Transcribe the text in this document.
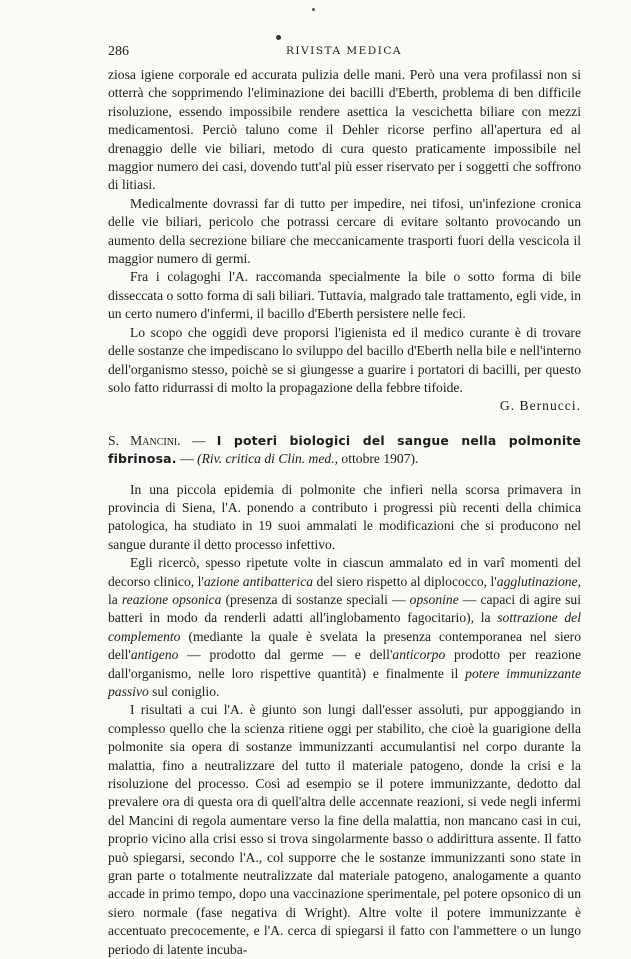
286	RIVISTA MEDICA

ziosa igiene corporale ed accurata pulizia delle mani. Però una vera profilassi non si otterrà che sopprimendo l'eliminazione dei bacilli d'Eberth, problema di ben difficile risoluzione, essendo impossibile rendere asettica la vescichetta biliare con mezzi medicamentosi. Perciò taluno come il Dehler ricorse perfino all'apertura ed al drenaggio delle vie biliari, metodo di cura questo praticamente impossibile nel maggior numero dei casi, dovendo tutt'al più esser riservato per i soggetti che soffrono di litiasi.

Medicalmente dovrassi far di tutto per impedire, nei tifosi, un'infezione cronica delle vie biliari, pericolo che potrassi cercare di evitare soltanto provocando un aumento della secrezione biliare che meccanicamente trasporti fuori della vescicola il maggior numero di germi.

Fra i colagoghi l'A. raccomanda specialmente la bile o sotto forma di bile disseccata o sotto forma di sali biliari. Tuttavia, malgrado tale trattamento, egli vide, in un certo numero d'infermi, il bacillo d'Eberth persistere nelle feci.

Lo scopo che oggidì deve proporsi l'igienista ed il medico curante è di trovare delle sostanze che impediscano lo sviluppo del bacillo d'Eberth nella bile e nell'interno dell'organismo stesso, poichè se si giungesse a guarire i portatori di bacilli, per questo solo fatto ridurrassi di molto la propagazione della febbre tifoide.

G. Bernucci.

S. Mancini. — I poteri biologici del sangue nella polmonite fibrinosa. — (Riv. critica di Clin. med., ottobre 1907).

In una piccola epidemia di polmonite che infierì nella scorsa primavera in provincia di Siena, l'A. ponendo a contributo i progressi più recenti della chimica patologica, ha studiato in 19 suoi ammalati le modificazioni che si producono nel sangue durante il detto processo infettivo.

Egli ricercò, spesso ripetute volte in ciascun ammalato ed in varî momenti del decorso clinico, l'azione antibatterica del siero rispetto al diplococco, l'agglutinazione, la reazione opsonica (presenza di sostanze speciali — opsonine — capaci di agire sui batteri in modo da renderli adatti all'inglobamento fagocitario), la sottrazione del complemento (mediante la quale è svelata la presenza contemporanea nel siero dell'antigeno — prodotto dal germe — e dell'anticorpo prodotto per reazione dall'organismo, nelle loro rispettive quantità) e finalmente il potere immunizzante passivo sul coniglio.

I risultati a cui l'A. è giunto son lungi dall'esser assoluti, pur appoggiando in complesso quello che la scienza ritiene oggi per stabilito, che cioè la guarigione della polmonite sia opera di sostanze immunizzanti accumulantisi nel corpo durante la malattia, fino a neutralizzare del tutto il materiale patogeno, donde la crisi e la risoluzione del processo. Così ad esempio se il potere immunizzante, dedotto dal prevalere ora di questa ora di quell'altra delle accennate reazioni, si vede negli infermi del Mancini di regola aumentare verso la fine della malattia, non mancano casi in cui, proprio vicino alla crisi esso si trova singolarmente basso o addirittura assente. Il fatto può spiegarsi, secondo l'A., col supporre che le sostanze immunizzanti sono state in gran parte o totalmente neutralizzate dal materiale patogeno, analogamente a quanto accade in primo tempo, dopo una vaccinazione sperimentale, pel potere opsonico di un siero normale (fase negativa di Wright). Altre volte il potere immunizzante è accentuato precocemente, e l'A. cerca di spiegarsi il fatto con l'ammettere o un lungo periodo di latente incuba-
